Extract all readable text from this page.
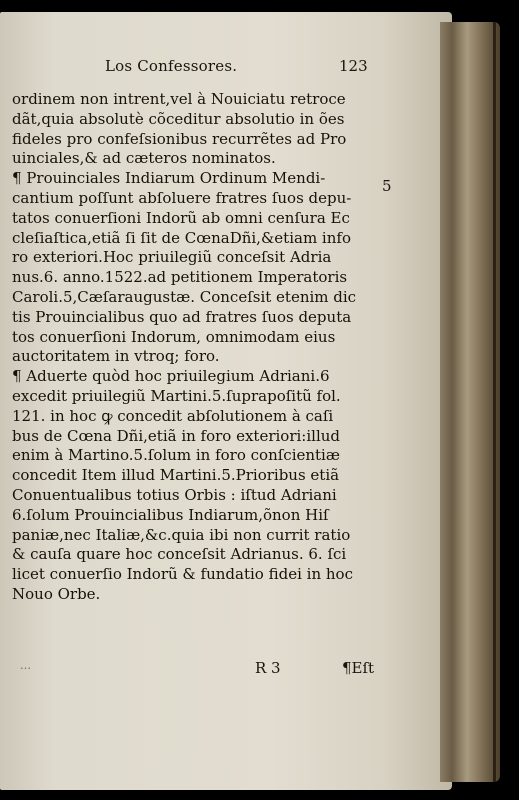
Los Confessores.	123
ordinem non intrent,vel à Nouiciatu retroce
dãt,quia absolutè cõceditur absolutio in ões
fideles pro confeſsionibus recurrẽtes ad Pro
uinciales,& ad cæteros nominatos.
¶ Prouinciales Indiarum Ordinum Mendi-
cantium poſſunt abſoluere fratres ſuos depu-
tatos conuerſioni Indorũ ab omni cenſura Ec
cleſiaſtica,etiã ſi ſit de CœnaDñi,&etiam info
ro exteriori.Hoc priuilegiũ conceſsit Adria
nus.6. anno.1522.ad petitionem Imperatoris
Caroli.5,Cæſaraugustæ. Conceſsit etenim dic
tis Prouincialibus quo ad fratres ſuos deputa
tos conuerſioni Indorum, omnimodam eius
auctoritatem in vtroq; foro.
¶ Aduerte quòd hoc priuilegium Adriani.6
excedit priuilegiũ Martini.5.ſuprapoſitũ fol.
121. in hoc ꝙ concedit abſolutionem à caſi
bus de Cœna Dñi,etiã in foro exteriori:illud
enim à Martino.5.ſolum in foro conſcientiæ
concedit Item illud Martini.5.Prioribus etiã
Conuentualibus totius Orbis : iſtud Adriani
6.ſolum Prouincialibus Indiarum,õnon Hiſ
paniæ,nec Italiæ,&c.quia ibi non currit ratio
& cauſa quare hoc conceſsit Adrianus. 6. ſci
licet conuerſio Indorũ & fundatio fidei in hoc
Nouo Orbe.
5
…	R 3	¶Eſt
